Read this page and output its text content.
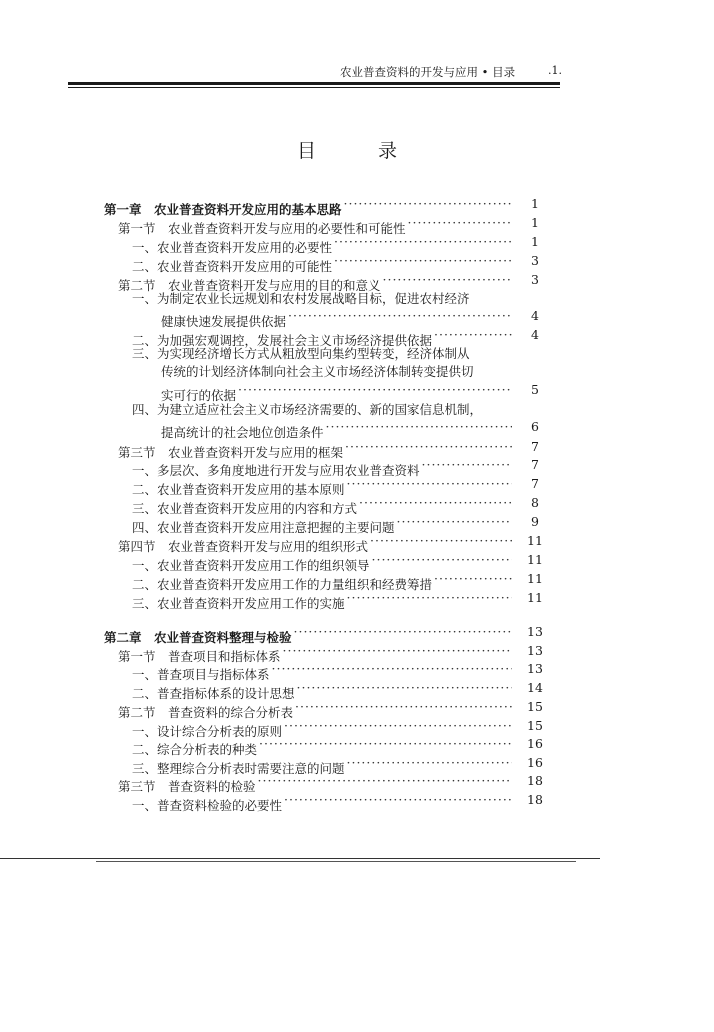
农业普查资料的开发与应用 • 目录	.1.
目 录
第一章　农业普查资料开发应用的基本思路 ·····	1
第一节　农业普查资料开发与应用的必要性和可能性 ·····	1
一、农业普查资料开发应用的必要性 ·····	1
二、农业普查资料开发应用的可能性 ·····	3
第二节　农业普查资料开发与应用的目的和意义 ·····	3
一、为制定农业长远规划和农村发展战略目标，促进农村经济
健康快速发展提供依据 ·····	4
二、为加强宏观调控，发展社会主义市场经济提供依据 ·····	4
三、为实现经济增长方式从粗放型向集约型转变，经济体制从
传统的计划经济体制向社会主义市场经济体制转变提供切
实可行的依据 ·····	5
四、为建立适应社会主义市场经济需要的、新的国家信息机制，
提高统计的社会地位创造条件 ·····	6
第三节　农业普查资料开发与应用的框架 ·····	7
一、多层次、多角度地进行开发与应用农业普查资料 ·····	7
二、农业普查资料开发应用的基本原则 ·····	7
三、农业普查资料开发应用的内容和方式 ·····	8
四、农业普查资料开发应用注意把握的主要问题 ·····	9
第四节　农业普查资料开发与应用的组织形式 ·····	11
一、农业普查资料开发应用工作的组织领导 ·····	11
二、农业普查资料开发应用工作的力量组织和经费筹措 ·····	11
三、农业普查资料开发应用工作的实施 ·····	11
第二章　农业普查资料整理与检验 ·····	13
第一节　普查项目和指标体系 ·····	13
一、普查项目与指标体系 ·····	13
二、普查指标体系的设计思想 ·····	14
第二节　普查资料的综合分析表 ·····	15
一、设计综合分析表的原则 ·····	15
二、综合分析表的种类 ·····	16
三、整理综合分析表时需要注意的问题 ·····	16
第三节　普查资料的检验 ·····	18
一、普查资料检验的必要性 ·····	18
